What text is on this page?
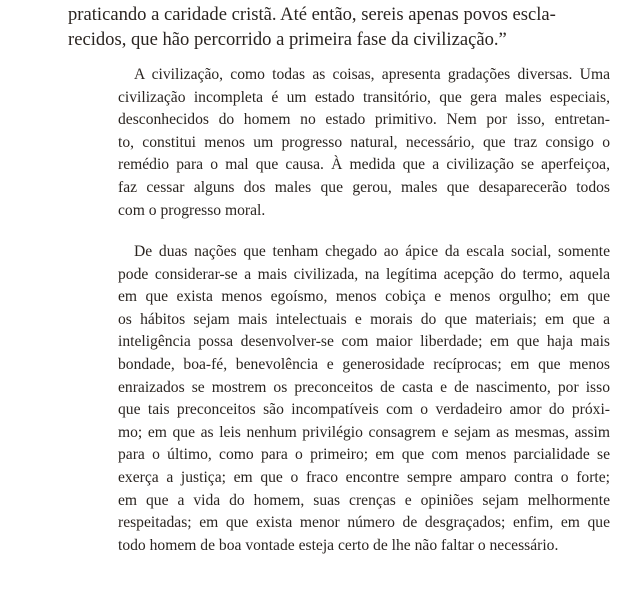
praticando a caridade cristã. Até então, sereis apenas povos escla-
recidos, que hão percorrido a primeira fase da civilização.”
A civilização, como todas as coisas, apresenta gradações diversas. Uma
civilização incompleta é um estado transitório, que gera males especiais,
desconhecidos do homem no estado primitivo. Nem por isso, entretan-
to, constitui menos um progresso natural, necessário, que traz consigo o
remédio para o mal que causa. À medida que a civilização se aperfeiçoa,
faz cessar alguns dos males que gerou, males que desaparecerão todos
com o progresso moral.
De duas nações que tenham chegado ao ápice da escala social, somente
pode considerar-se a mais civilizada, na legítima acepção do termo, aquela
em que exista menos egoísmo, menos cobiça e menos orgulho; em que
os hábitos sejam mais intelectuais e morais do que materiais; em que a
inteligência possa desenvolver-se com maior liberdade; em que haja mais
bondade, boa-fé, benevolência e generosidade recíprocas; em que menos
enraizados se mostrem os preconceitos de casta e de nascimento, por isso
que tais preconceitos são incompatíveis com o verdadeiro amor do próxi-
mo; em que as leis nenhum privilégio consagrem e sejam as mesmas, assim
para o último, como para o primeiro; em que com menos parcialidade se
exerça a justiça; em que o fraco encontre sempre amparo contra o forte;
em que a vida do homem, suas crenças e opiniões sejam melhormente
respeitadas; em que exista menor número de desgraçados; enfim, em que
todo homem de boa vontade esteja certo de lhe não faltar o necessário.
